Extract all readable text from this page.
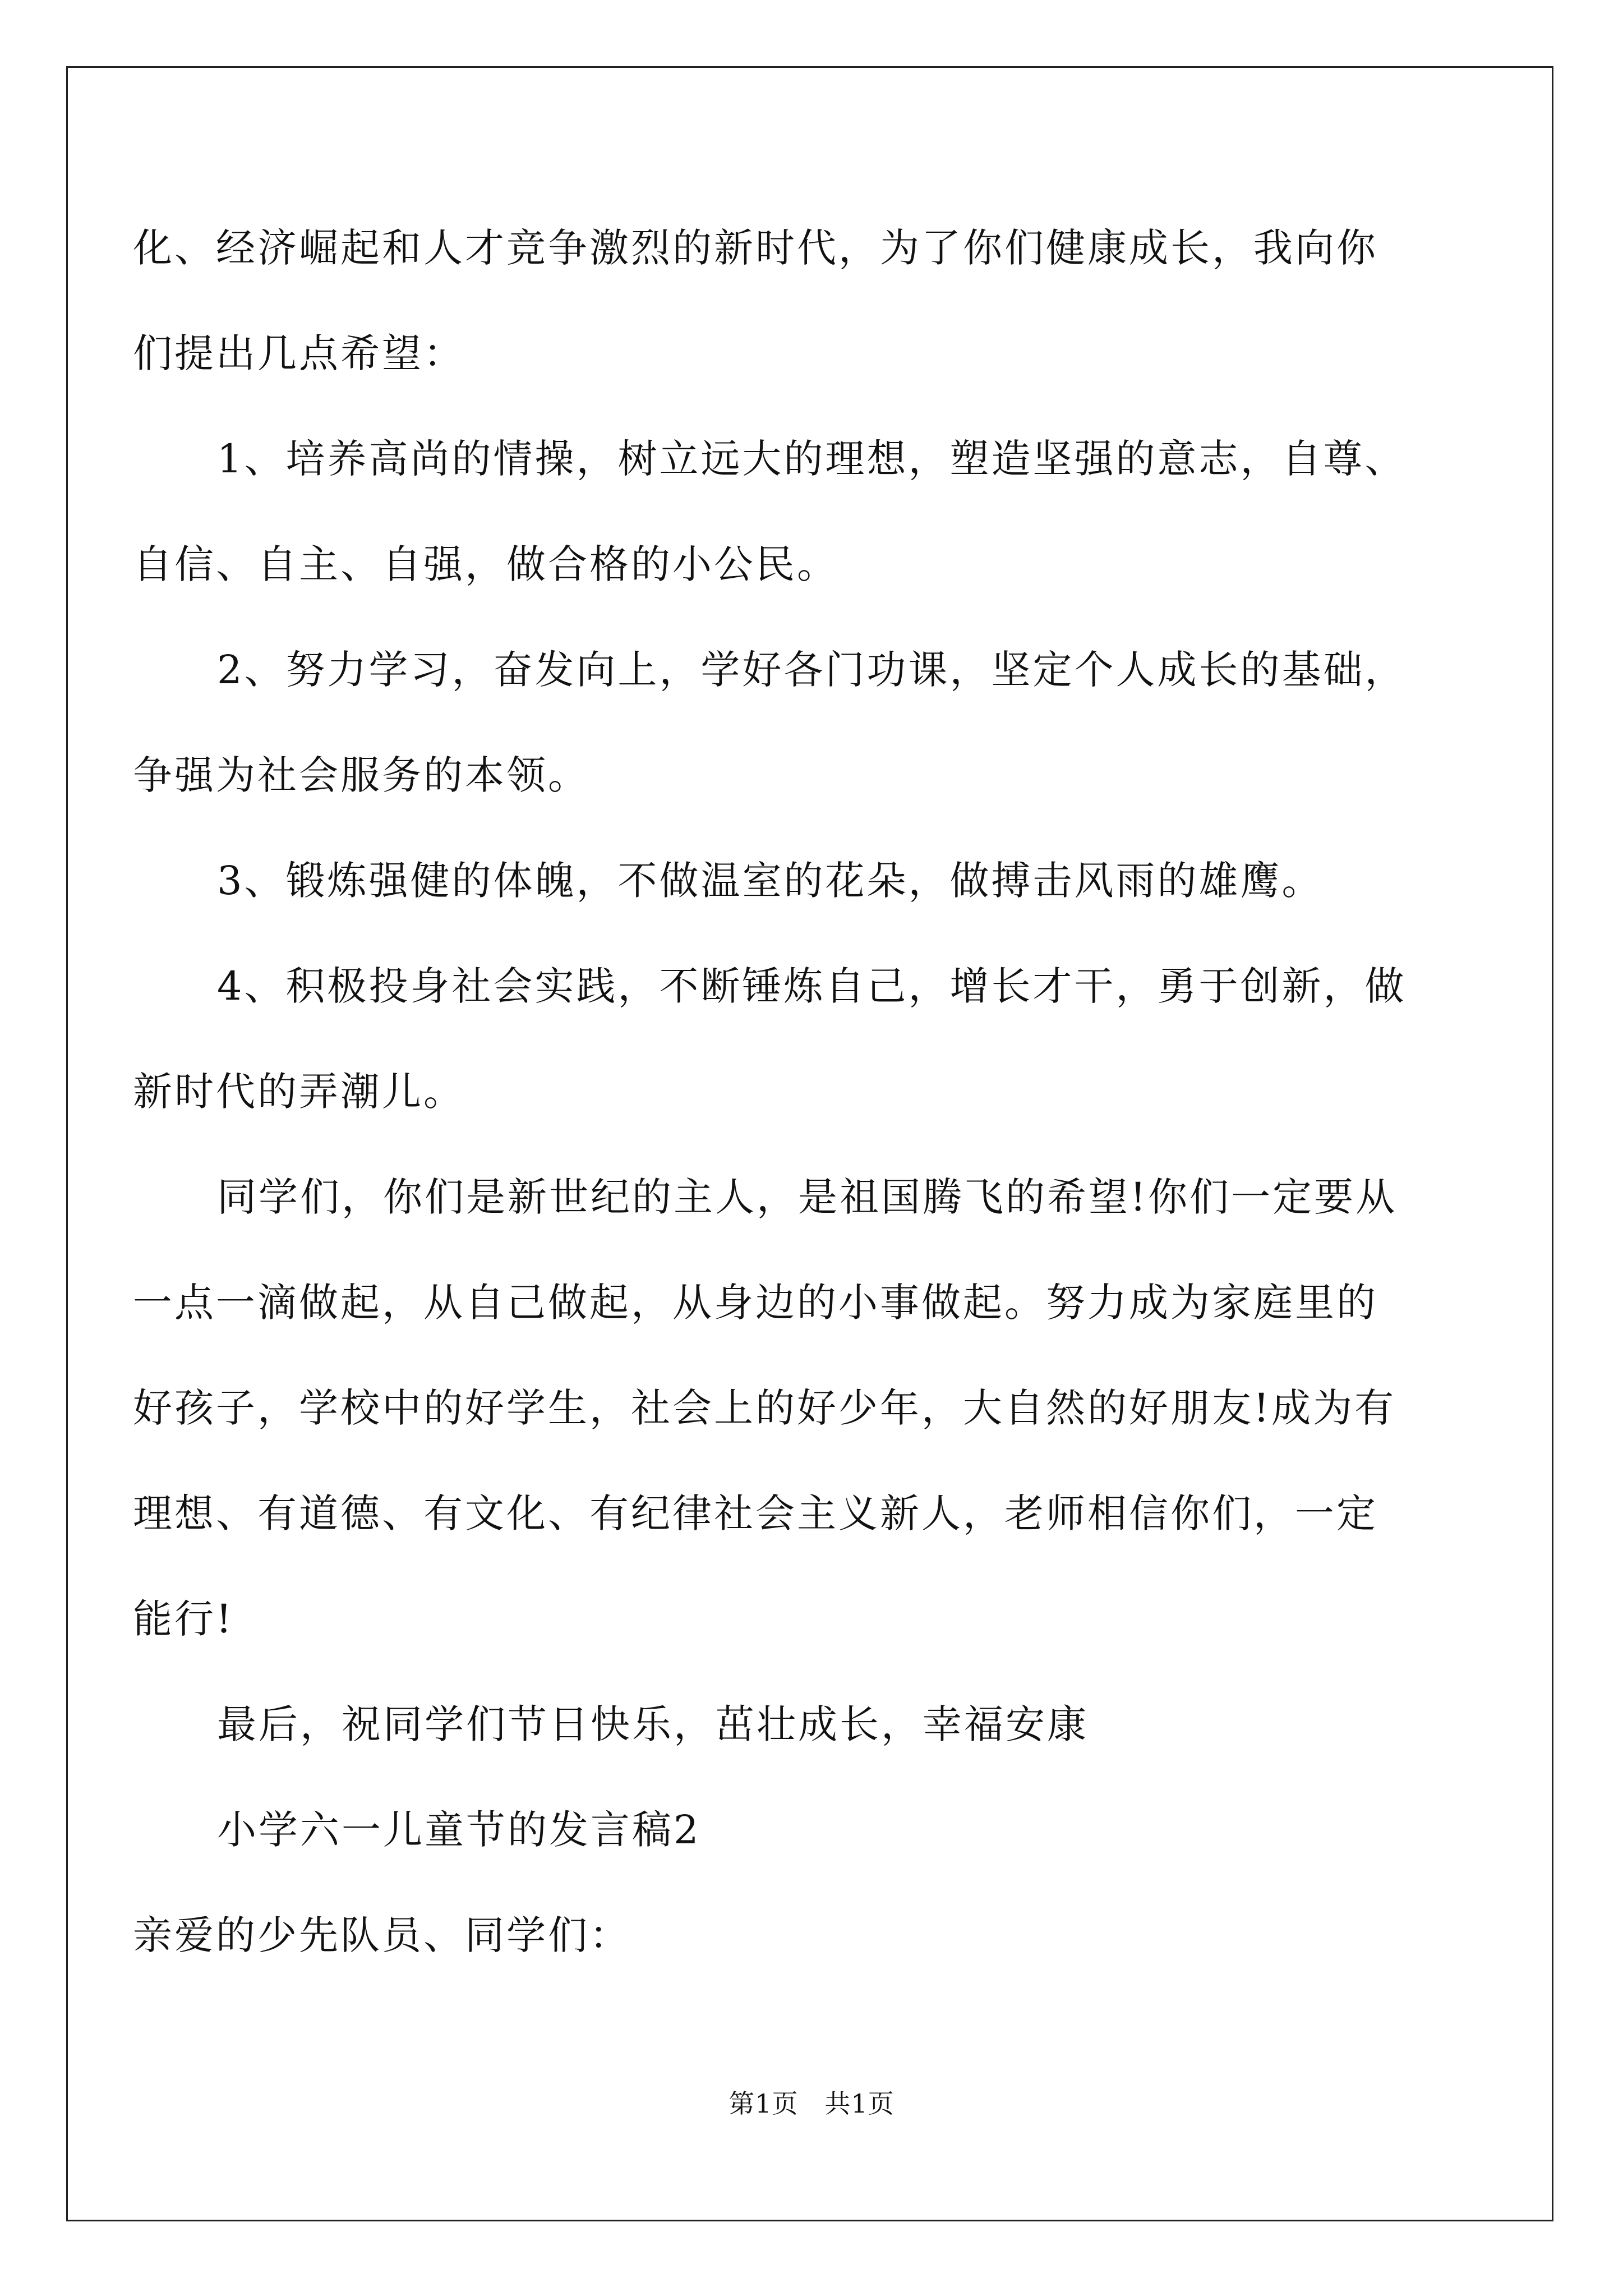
化、经济崛起和人才竞争激烈的新时代，为了你们健康成长，我向你

们提出几点希望：

1、培养高尚的情操，树立远大的理想，塑造坚强的意志，自尊、

自信、自主、自强，做合格的小公民。

2、努力学习，奋发向上，学好各门功课，坚定个人成长的基础，

争强为社会服务的本领。

3、锻炼强健的体魄，不做温室的花朵，做搏击风雨的雄鹰。

4、积极投身社会实践，不断锤炼自己，增长才干，勇于创新，做

新时代的弄潮儿。

同学们，你们是新世纪的主人，是祖国腾飞的希望!你们一定要从

一点一滴做起，从自己做起，从身边的小事做起。努力成为家庭里的

好孩子，学校中的好学生，社会上的好少年，大自然的好朋友!成为有

理想、有道德、有文化、有纪律社会主义新人，老师相信你们，一定

能行!

最后，祝同学们节日快乐，茁壮成长，幸福安康

小学六一儿童节的发言稿2

亲爱的少先队员、同学们：

第1页   共1页
